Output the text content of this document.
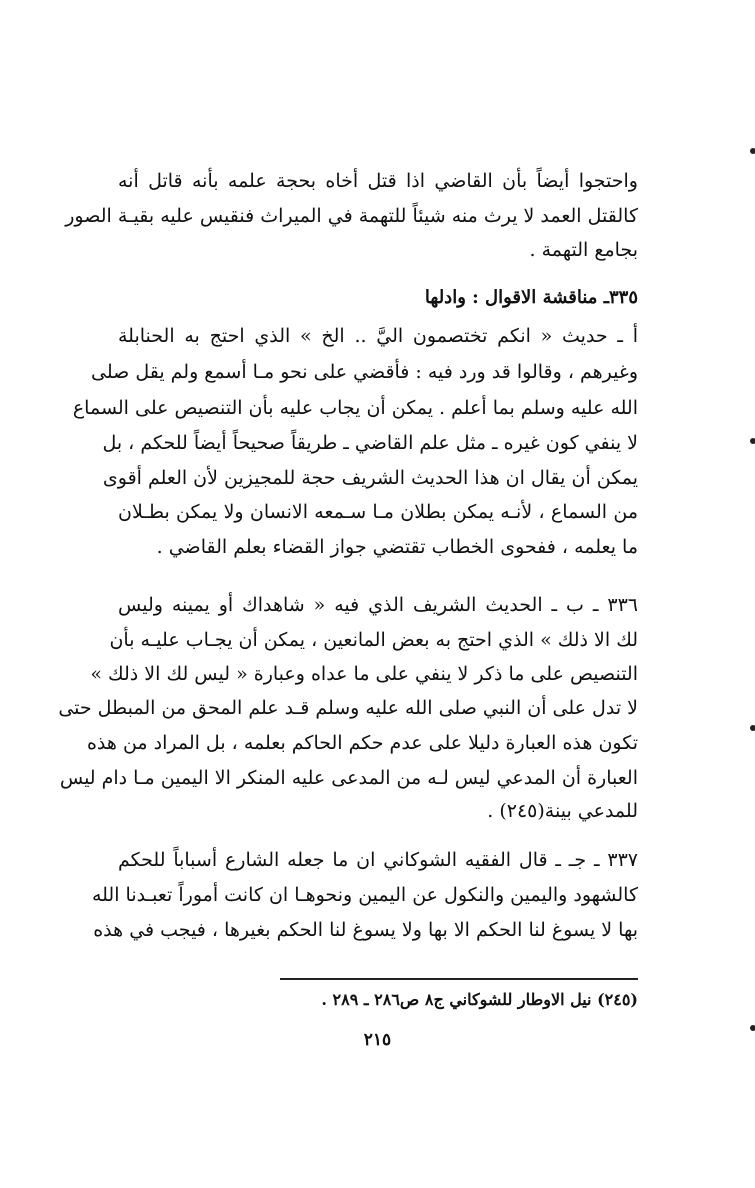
واحتجوا أيضاً بأن القاضي اذا قتل أخاه بحجة علمه بأنه قاتل أنه
كالقتل العمد لا يرث منه شيئاً للتهمة في الميراث فنقيس عليه بقيـة الصور
بجامع التهمة .
٣٣٥ـ مناقشة الاقوال : وادلها
أ ـ حديث « انكم تختصمون اليَّ .. الخ » الذي احتج به الحنابلة
وغيرهم ، وقالوا قد ورد فيه : فأقضي على نحو مـا أسمع ولم يقل صلى
الله عليه وسلم بما أعلم . يمكن أن يجاب عليه بأن التنصيص على السماع
لا ينفي كون غيره ـ مثل علم القاضي ـ طريقاً صحيحاً أيضاً للحكم ، بل
يمكن أن يقال ان هذا الحديث الشريف حجة للمجيزين لأن العلم أقوى
من السماع ، لأنـه يمكن بطلان مـا سـمعه الانسان ولا يمكن بطـلان
ما يعلمه ، ففحوى الخطاب تقتضي جواز القضاء بعلم القاضي .
٣٣٦ ـ ب ـ الحديث الشريف الذي فيه « شاهداك أو يمينه وليس
لك الا ذلك » الذي احتج به بعض المانعين ، يمكن أن يجـاب عليـه بأن
التنصيص على ما ذكر لا ينفي على ما عداه وعبارة « ليس لك الا ذلك »
لا تدل على أن النبي صلى الله عليه وسلم قـد علم المحق من المبطل حتى
تكون هذه العبارة دليلا على عدم حكم الحاكم بعلمه ، بل المراد من هذه
العبارة أن المدعي ليس لـه من المدعى عليه المنكر الا اليمين مـا دام ليس
للمدعي بينة(٢٤٥) .
٣٣٧ ـ جـ ـ قال الفقيه الشوكاني ان ما جعله الشارع أسباباً للحكم
كالشهود واليمين والنكول عن اليمين ونحوهـا ان كانت أموراً تعبـدنا الله
بها لا يسوغ لنا الحكم الا بها ولا يسوغ لنا الحكم بغيرها ، فيجب في هذه
(٢٤٥) نيل الاوطار للشوكاني ج٨ ص٢٨٦ ـ ٢٨٩ .
٢١٥
